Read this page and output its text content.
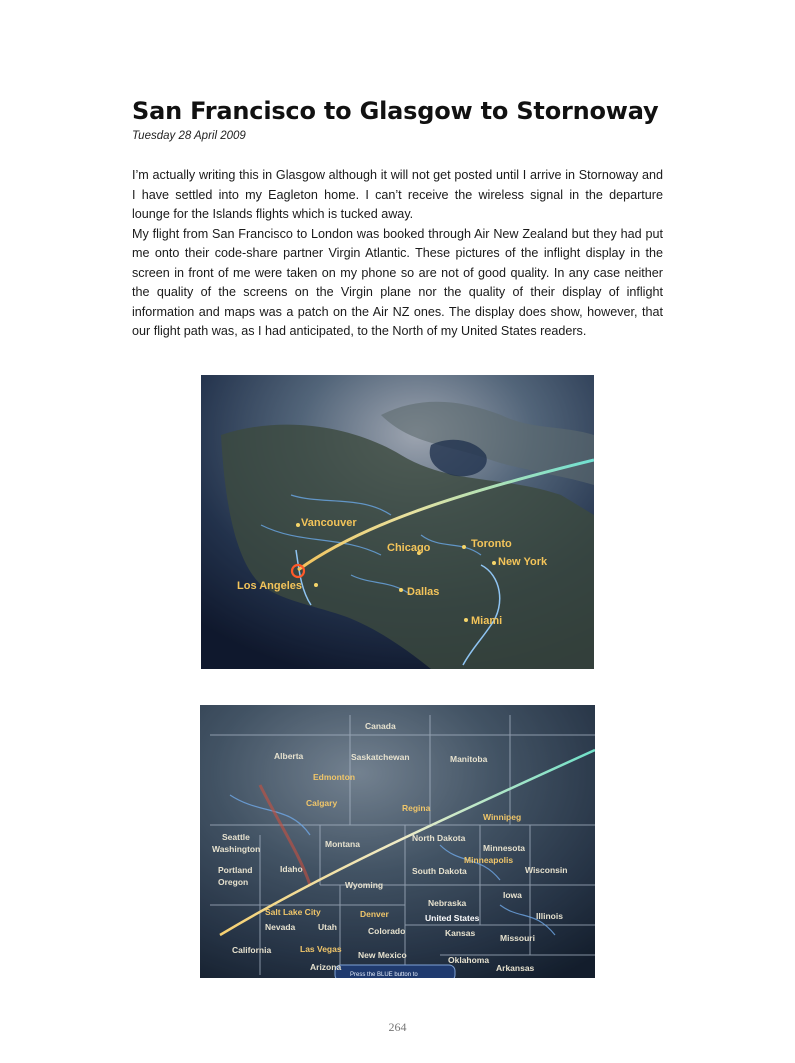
San Francisco to Glasgow to Stornoway
Tuesday 28 April 2009

I’m actually writing this in Glasgow although it will not get posted until I arrive in Stornoway and I have settled into my Eagleton home. I can’t receive the wireless signal in the departure lounge for the Islands flights which is tucked away.

My flight from San Francisco to London was booked through Air New Zealand but they had put me onto their code-share partner Virgin Atlantic. These pictures of the inflight display in the screen in front of me were taken on my phone so are not of good quality. In any case neither the quality of the screens on the Virgin plane nor the quality of their display of inflight information and maps was a patch on the Air NZ ones. The display does show, however, that our flight path was, as I had anticipated, to the North of my United States readers.

Vancouver
Chicago	Toronto
New York
Los Angeles	Dallas
Miami
Press the BLUE button to
Canada
Alberta	Saskatchewan	Manitoba
Edmonton
Calgary	Regina
Winnipeg
Seattle
Washington	Montana
North Dakota
Minnesota
Portland	Idaho
Minneapolis
Wisconsin
Oregon
South Dakota
Wyoming
Iowa
Nebraska
Salt Lake City	Denver	United States	Illinois
Nevada	Utah	Colorado	Kansas	Missouri
California	Las Vegas
New Mexico	Oklahoma
Arizona	Arkansas
264
